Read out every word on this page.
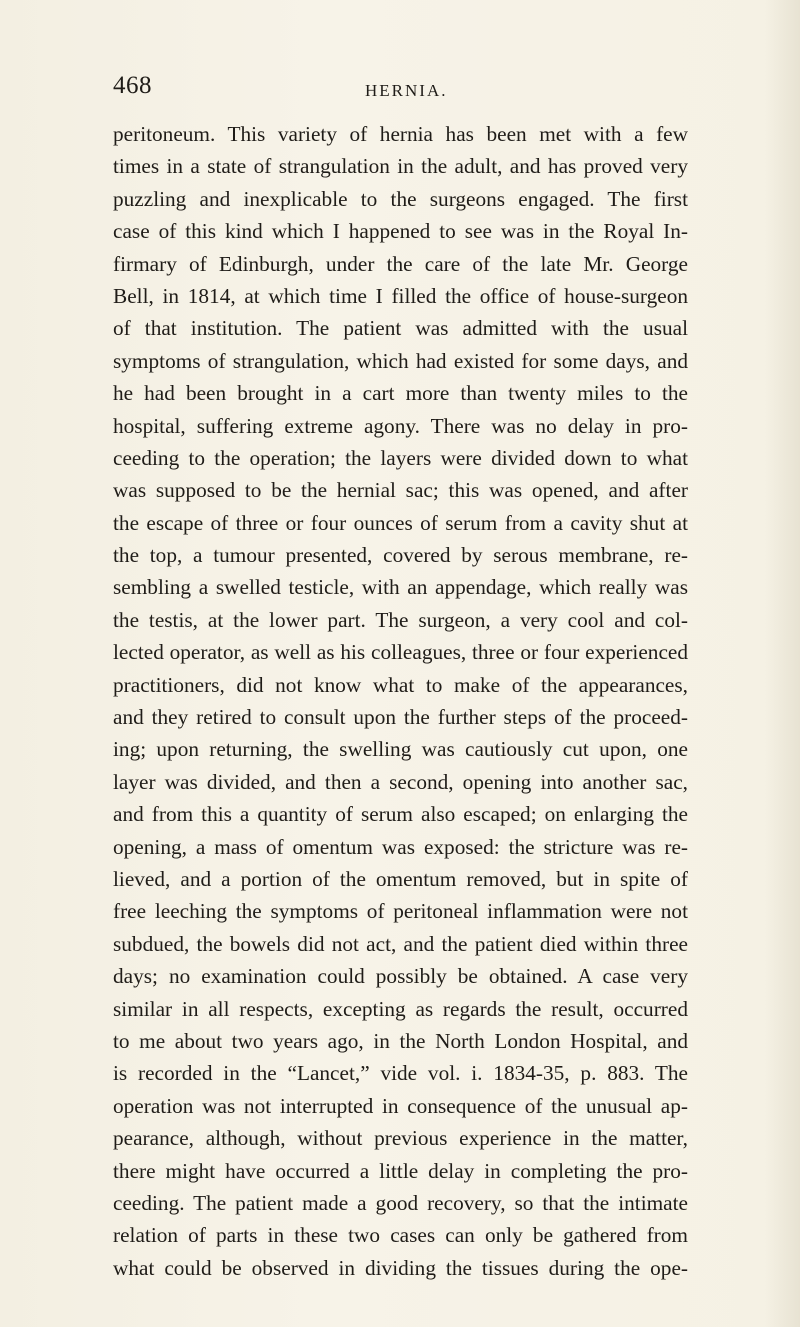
468	HERNIA.
peritoneum. This variety of hernia has been met with a few
times in a state of strangulation in the adult, and has proved very
puzzling and inexplicable to the surgeons engaged. The first
case of this kind which I happened to see was in the Royal In-
firmary of Edinburgh, under the care of the late Mr. George
Bell, in 1814, at which time I filled the office of house-surgeon
of that institution. The patient was admitted with the usual
symptoms of strangulation, which had existed for some days, and
he had been brought in a cart more than twenty miles to the
hospital, suffering extreme agony. There was no delay in pro-
ceeding to the operation; the layers were divided down to what
was supposed to be the hernial sac; this was opened, and after
the escape of three or four ounces of serum from a cavity shut at
the top, a tumour presented, covered by serous membrane, re-
sembling a swelled testicle, with an appendage, which really was
the testis, at the lower part. The surgeon, a very cool and col-
lected operator, as well as his colleagues, three or four experienced
practitioners, did not know what to make of the appearances,
and they retired to consult upon the further steps of the proceed-
ing; upon returning, the swelling was cautiously cut upon, one
layer was divided, and then a second, opening into another sac,
and from this a quantity of serum also escaped; on enlarging the
opening, a mass of omentum was exposed: the stricture was re-
lieved, and a portion of the omentum removed, but in spite of
free leeching the symptoms of peritoneal inflammation were not
subdued, the bowels did not act, and the patient died within three
days; no examination could possibly be obtained. A case very
similar in all respects, excepting as regards the result, occurred
to me about two years ago, in the North London Hospital, and
is recorded in the “Lancet,” vide vol. i. 1834-35, p. 883. The
operation was not interrupted in consequence of the unusual ap-
pearance, although, without previous experience in the matter,
there might have occurred a little delay in completing the pro-
ceeding. The patient made a good recovery, so that the intimate
relation of parts in these two cases can only be gathered from
what could be observed in dividing the tissues during the ope-
